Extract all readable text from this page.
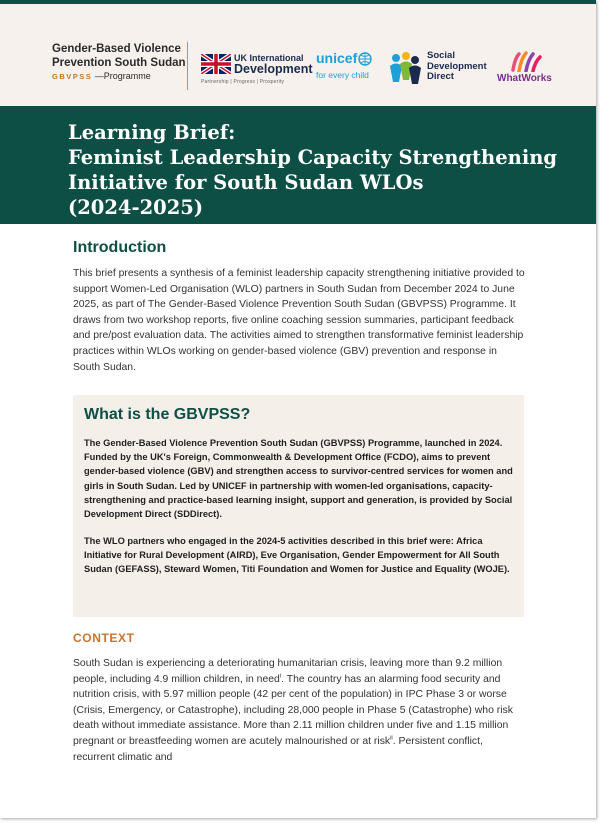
Gender-Based Violence
Prevention South Sudan
GBVPSS —Programme
UK International
Development
Partnership | Progress | Prosperity
unicef
for every child
Social
Development
Direct	WhatWorks
Learning Brief:
Feminist Leadership Capacity Strengthening
Initiative for South Sudan WLOs
(2024-2025)
Introduction

This brief presents a synthesis of a feminist leadership capacity strengthening initiative provided to support Women-Led Organisation (WLO) partners in South Sudan from December 2024 to June 2025, as part of The Gender-Based Violence Prevention South Sudan (GBVPSS) Programme. It draws from two workshop reports, five online coaching session summaries, participant feedback and pre/post evaluation data. The activities aimed to strengthen transformative feminist leadership practices within WLOs working on gender-based violence (GBV) prevention and response in South Sudan.

What is the GBVPSS?

The Gender-Based Violence Prevention South Sudan (GBVPSS) Programme, launched in 2024. Funded by the UK's Foreign, Commonwealth & Development Office (FCDO), aims to prevent gender-based violence (GBV) and strengthen access to survivor-centred services for women and girls in South Sudan. Led by UNICEF in partnership with women-led organisations, capacity-strengthening and practice-based learning insight, support and generation, is provided by Social Development Direct (SDDirect).

The WLO partners who engaged in the 2024-5 activities described in this brief were: Africa Initiative for Rural Development (AIRD), Eve Organisation, Gender Empowerment for All South Sudan (GEFASS), Steward Women, Titi Foundation and Women for Justice and Equality (WOJE).

CONTEXT

South Sudan is experiencing a deteriorating humanitarian crisis, leaving more than 9.2 million people, including 4.9 million children, in need$^i$. The country has an alarming food security and nutrition crisis, with 5.97 million people (42 per cent of the population) in IPC Phase 3 or worse (Crisis, Emergency, or Catastrophe), including 28,000 people in Phase 5 (Catastrophe) who risk death without immediate assistance. More than 2.11 million children under five and 1.15 million pregnant or breastfeeding women are acutely malnourished or at risk$^{ii}$. Persistent conflict, recurrent climatic and
